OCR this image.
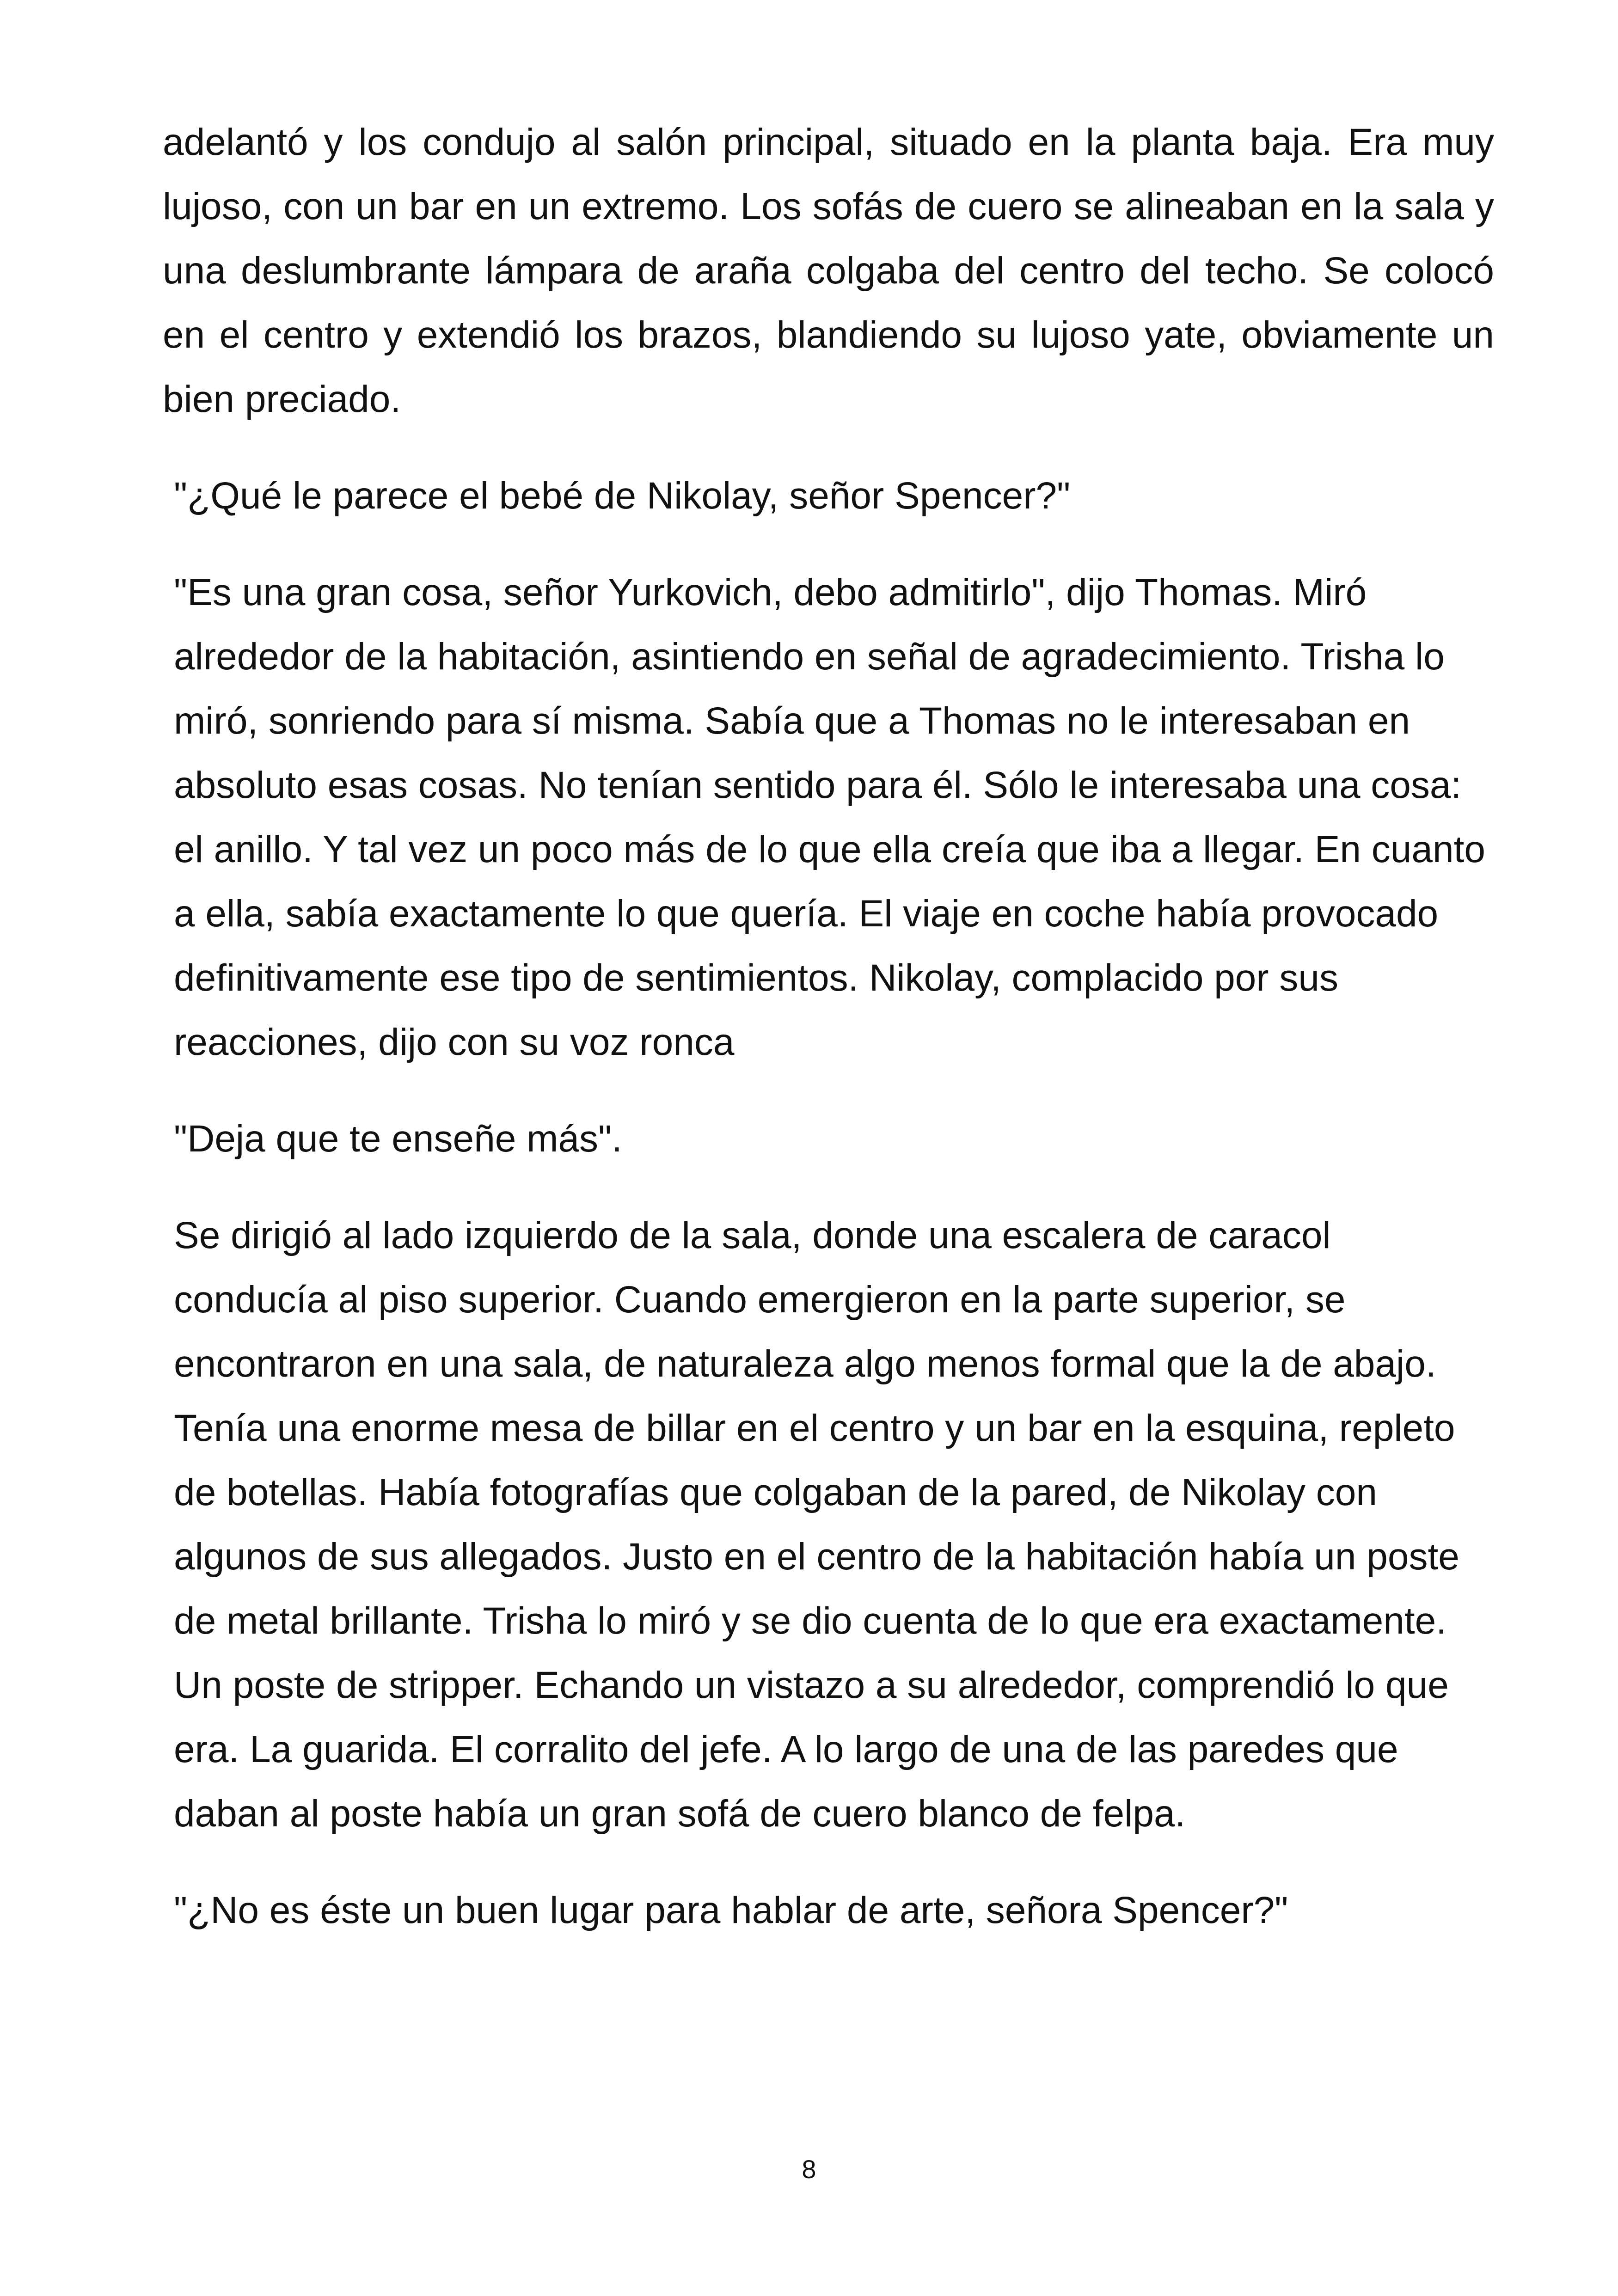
adelantó y los condujo al salón principal, situado en la planta baja. Era muy lujoso, con un bar en un extremo. Los sofás de cuero se alineaban en la sala y una deslumbrante lámpara de araña colgaba del centro del techo. Se colocó en el centro y extendió los brazos, blandiendo su lujoso yate, obviamente un bien preciado.

"¿Qué le parece el bebé de Nikolay, señor Spencer?"

"Es una gran cosa, señor Yurkovich, debo admitirlo", dijo Thomas. Miró alrededor de la habitación, asintiendo en señal de agradecimiento. Trisha lo miró, sonriendo para sí misma. Sabía que a Thomas no le interesaban en absoluto esas cosas. No tenían sentido para él. Sólo le interesaba una cosa: el anillo. Y tal vez un poco más de lo que ella creía que iba a llegar. En cuanto a ella, sabía exactamente lo que quería. El viaje en coche había provocado definitivamente ese tipo de sentimientos. Nikolay, complacido por sus reacciones, dijo con su voz ronca

"Deja que te enseñe más".

Se dirigió al lado izquierdo de la sala, donde una escalera de caracol conducía al piso superior. Cuando emergieron en la parte superior, se encontraron en una sala, de naturaleza algo menos formal que la de abajo. Tenía una enorme mesa de billar en el centro y un bar en la esquina, repleto de botellas. Había fotografías que colgaban de la pared, de Nikolay con algunos de sus allegados. Justo en el centro de la habitación había un poste de metal brillante. Trisha lo miró y se dio cuenta de lo que era exactamente. Un poste de stripper. Echando un vistazo a su alrededor, comprendió lo que era. La guarida. El corralito del jefe. A lo largo de una de las paredes que daban al poste había un gran sofá de cuero blanco de felpa.

"¿No es éste un buen lugar para hablar de arte, señora Spencer?"

8
